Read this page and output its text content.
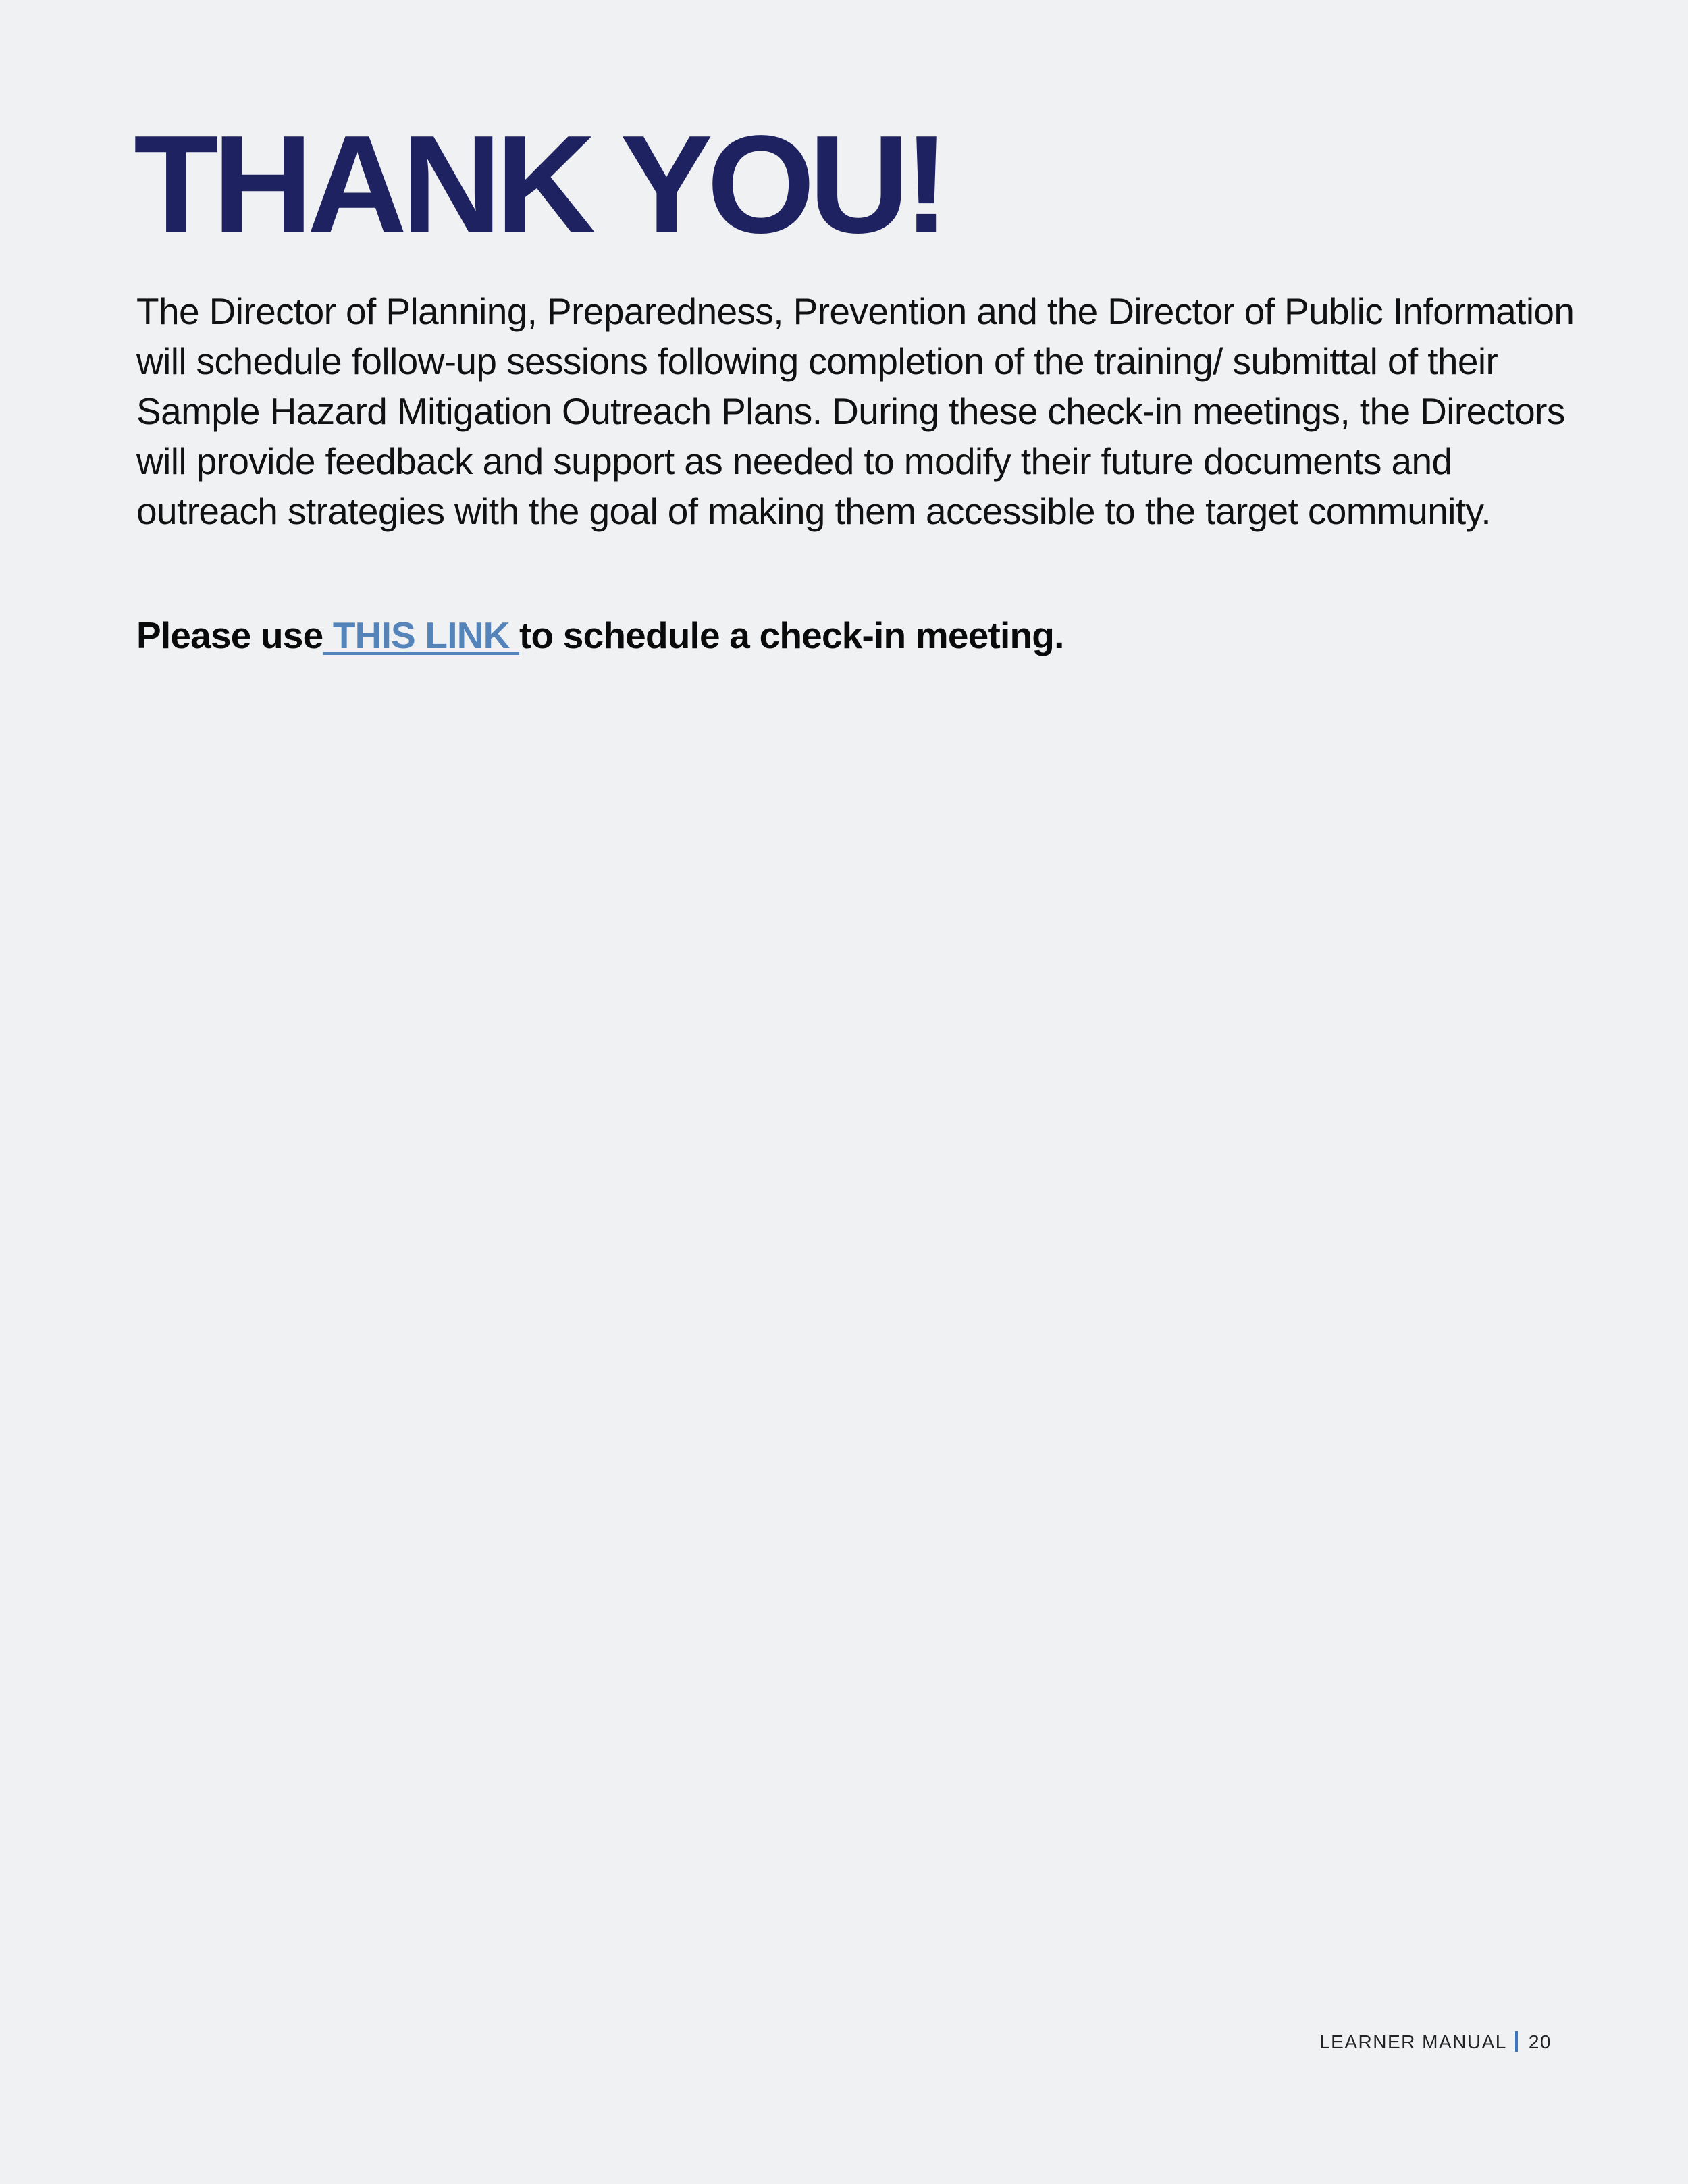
THANK YOU!

The Director of Planning, Preparedness, Prevention and the Director of Public Information will schedule follow-up sessions following completion of the training/ submittal of their Sample Hazard Mitigation Outreach Plans. During these check-in meetings, the Directors will provide feedback and support as needed to modify their future documents and outreach strategies with the goal of making them accessible to the target community.

Please use THIS LINK to schedule a check-in meeting.

LEARNER MANUAL 20
